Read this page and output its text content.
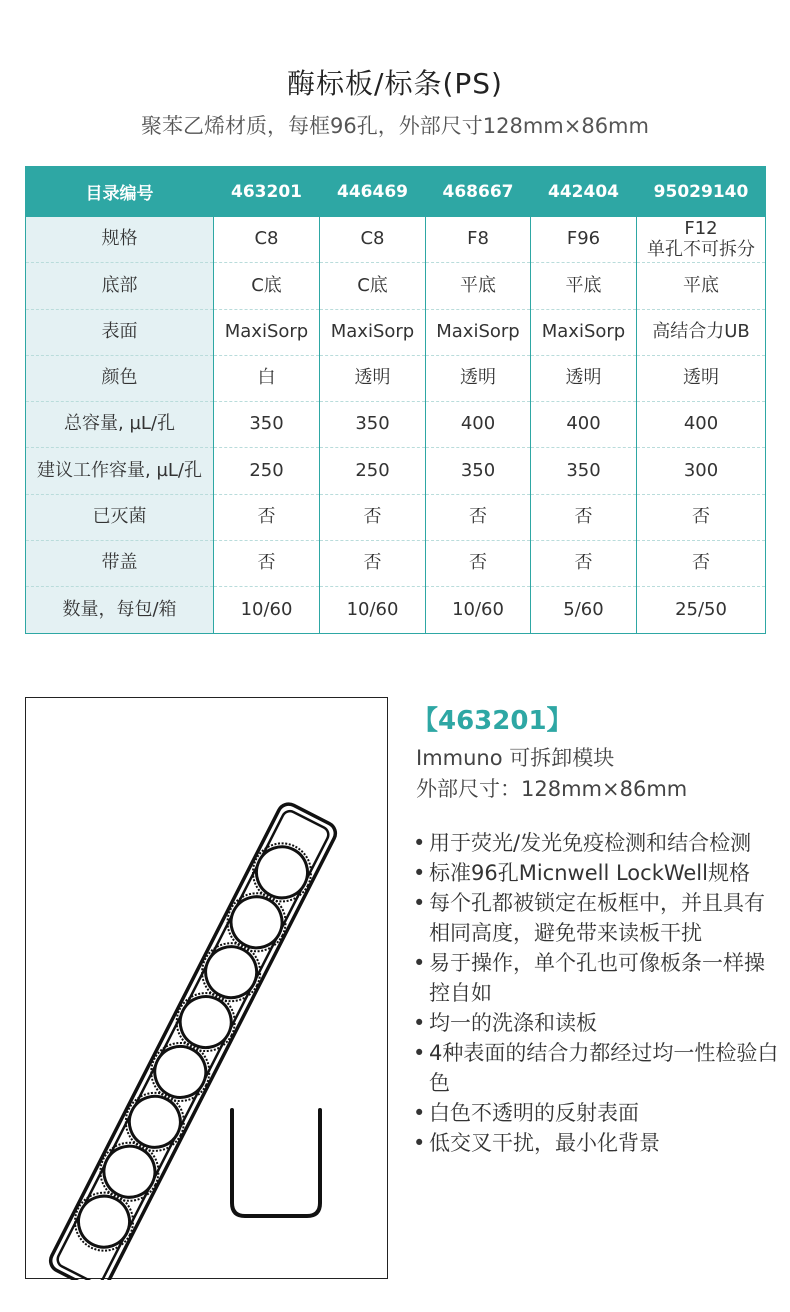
酶标板/标条(PS)
聚苯乙烯材质，每框96孔，外部尺寸128mm×86mm
目录编号	463201	446469	468667	442404	95029140
规格	C8	C8	F8	F96	F12
单孔不可拆分

底部	C底	C底	平底	平底	平底
表面	MaxiSorp	MaxiSorp	MaxiSorp	MaxiSorp	高结合力UB
颜色	白	透明	透明	透明	透明
总容量, µL/孔	350	350	400	400	400
建议工作容量, µL/孔	250	250	350	350	300
已灭菌	否	否	否	否	否
带盖	否	否	否	否	否
数量，每包/箱	10/60	10/60	10/60	5/60	25/50
【463201】
Immuno 可拆卸模块
外部尺寸：128mm×86mm
• 用于荧光/发光免疫检测和结合检测
• 标准96孔Micnwell LockWell规格
• 每个孔都被锁定在板框中，并且具有相同高度，避免带来读板干扰
• 易于操作，单个孔也可像板条一样操控自如
• 均一的洗涤和读板
• 4种表面的结合力都经过均一性检验白色
• 白色不透明的反射表面
• 低交叉干扰，最小化背景
